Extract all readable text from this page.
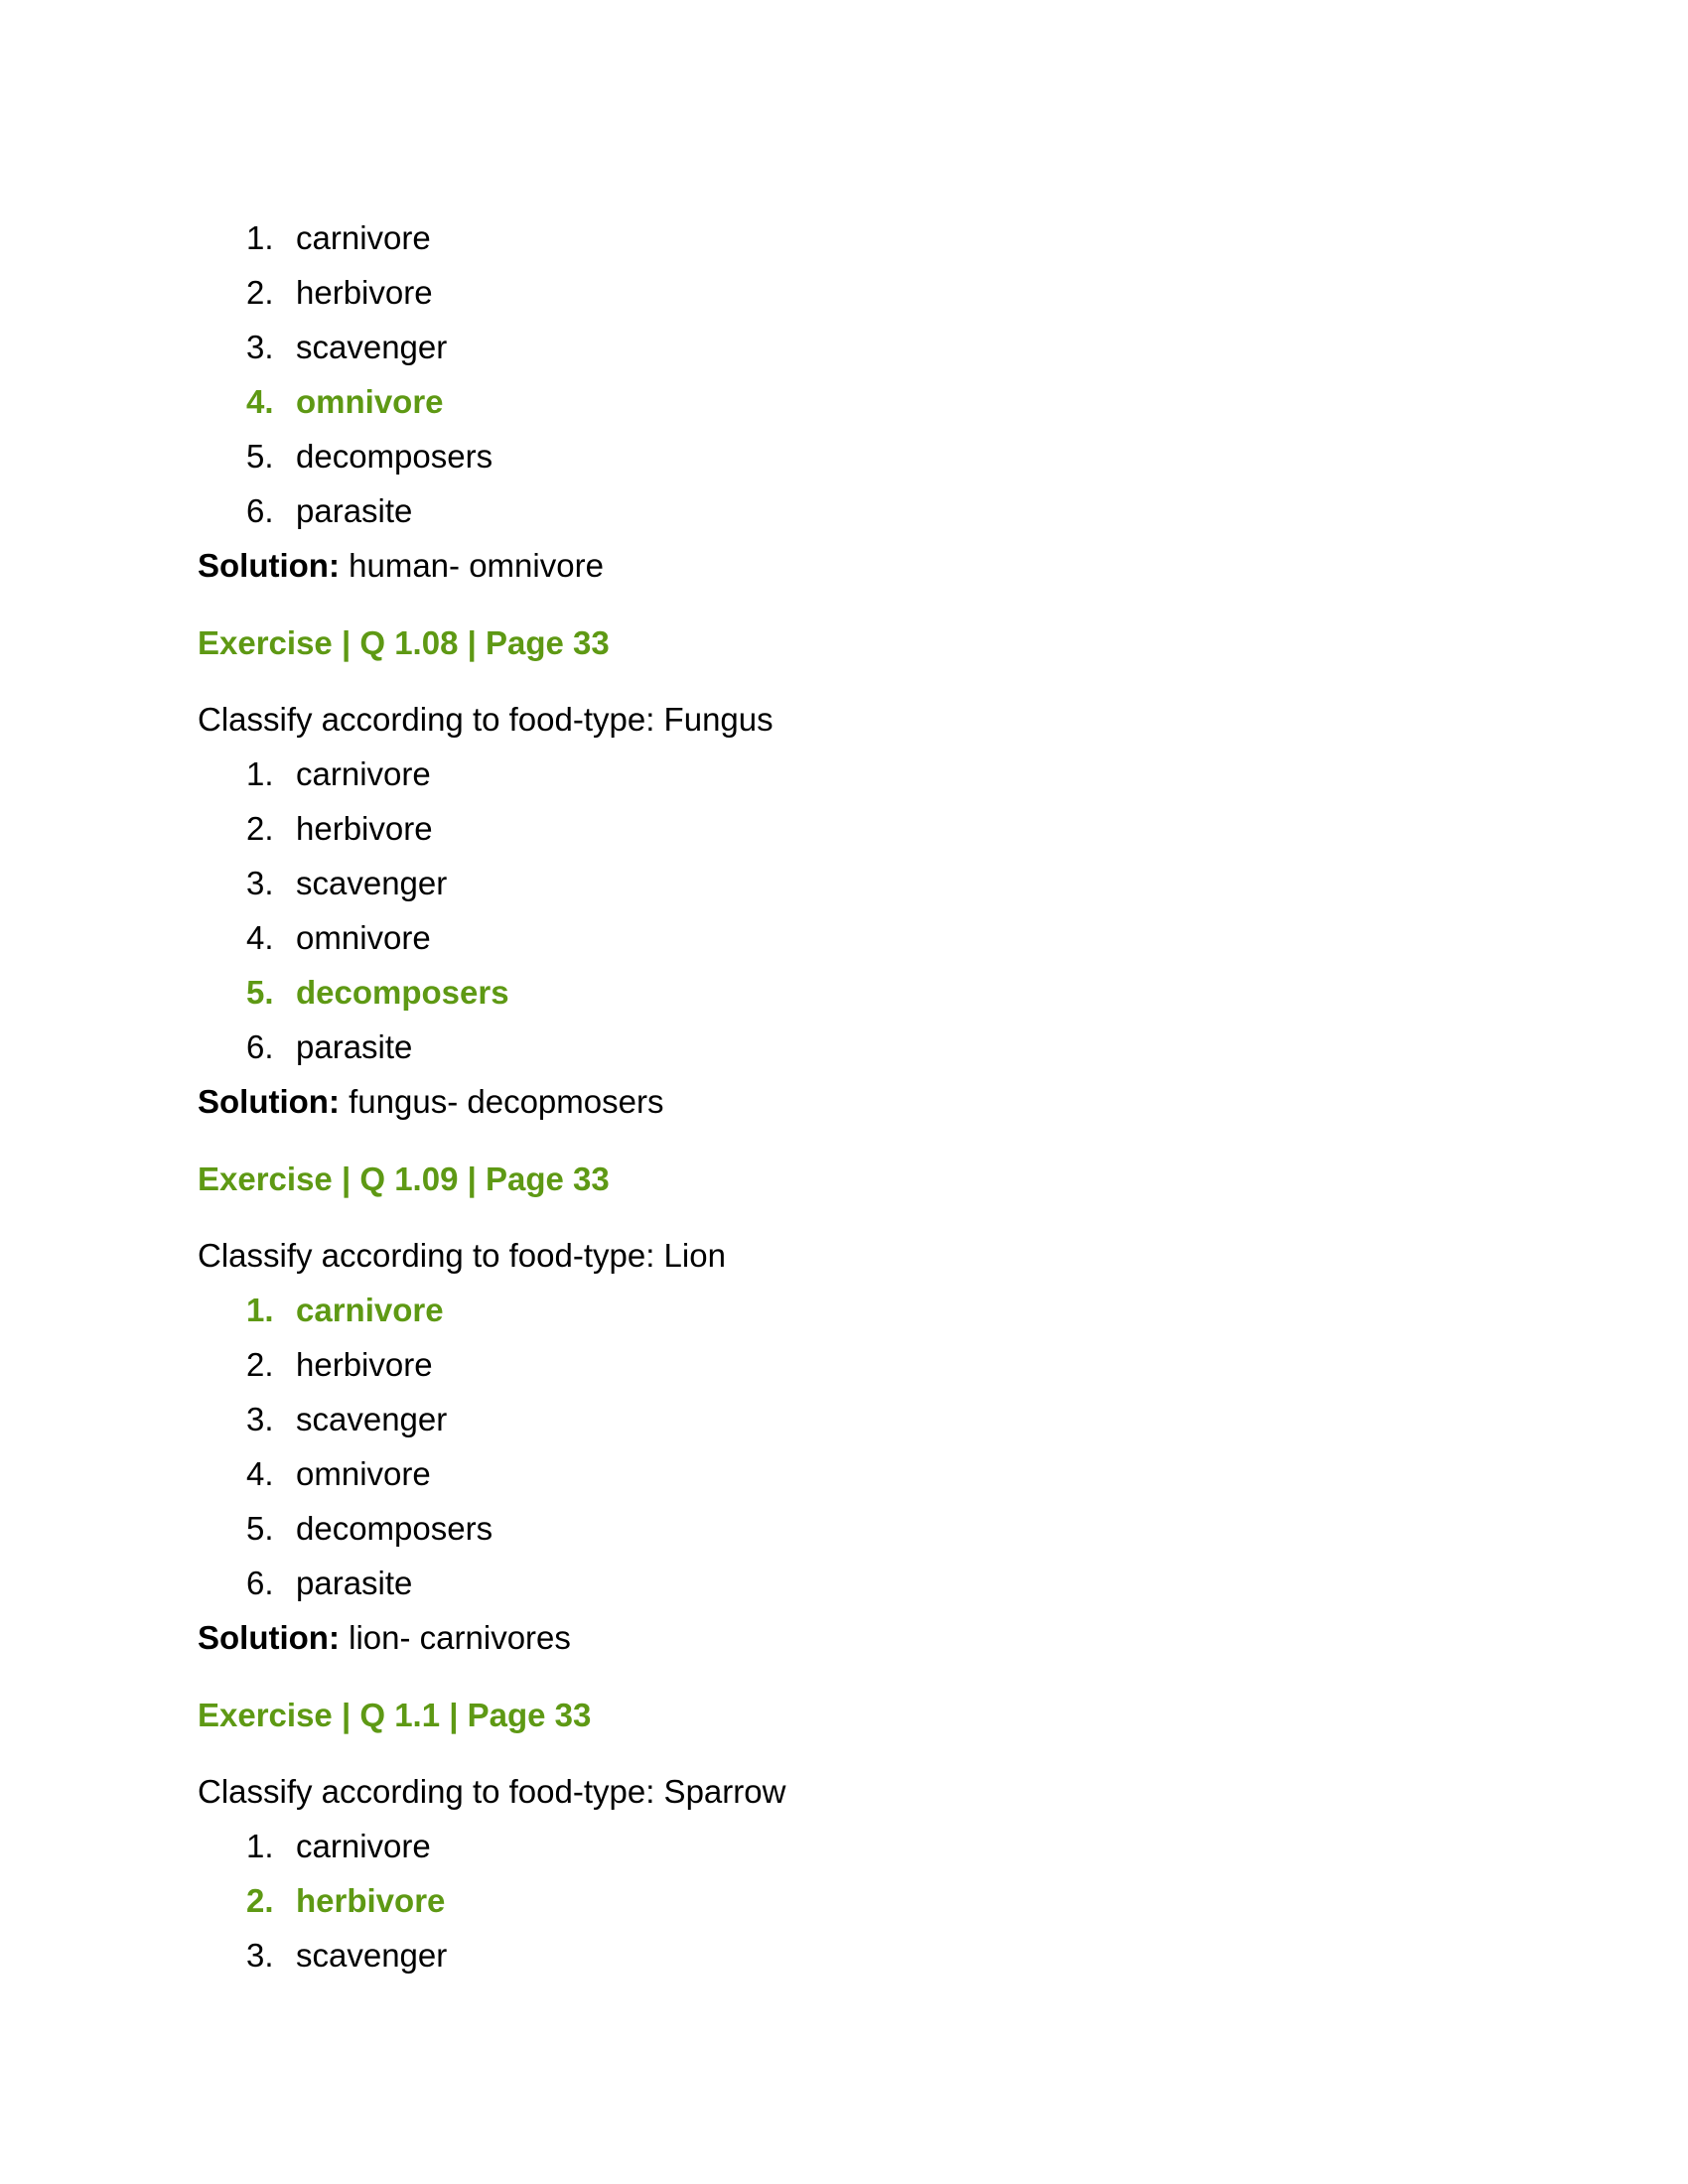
1. carnivore
2. herbivore
3. scavenger
4. omnivore
5. decomposers
6. parasite
Solution: human- omnivore
Exercise | Q 1.08 | Page 33
Classify according to food-type: Fungus
1. carnivore
2. herbivore
3. scavenger
4. omnivore
5. decomposers
6. parasite
Solution: fungus- decopmosers
Exercise | Q 1.09 | Page 33
Classify according to food-type: Lion
1. carnivore
2. herbivore
3. scavenger
4. omnivore
5. decomposers
6. parasite
Solution: lion- carnivores
Exercise | Q 1.1 | Page 33
Classify according to food-type: Sparrow
1. carnivore
2. herbivore
3. scavenger
